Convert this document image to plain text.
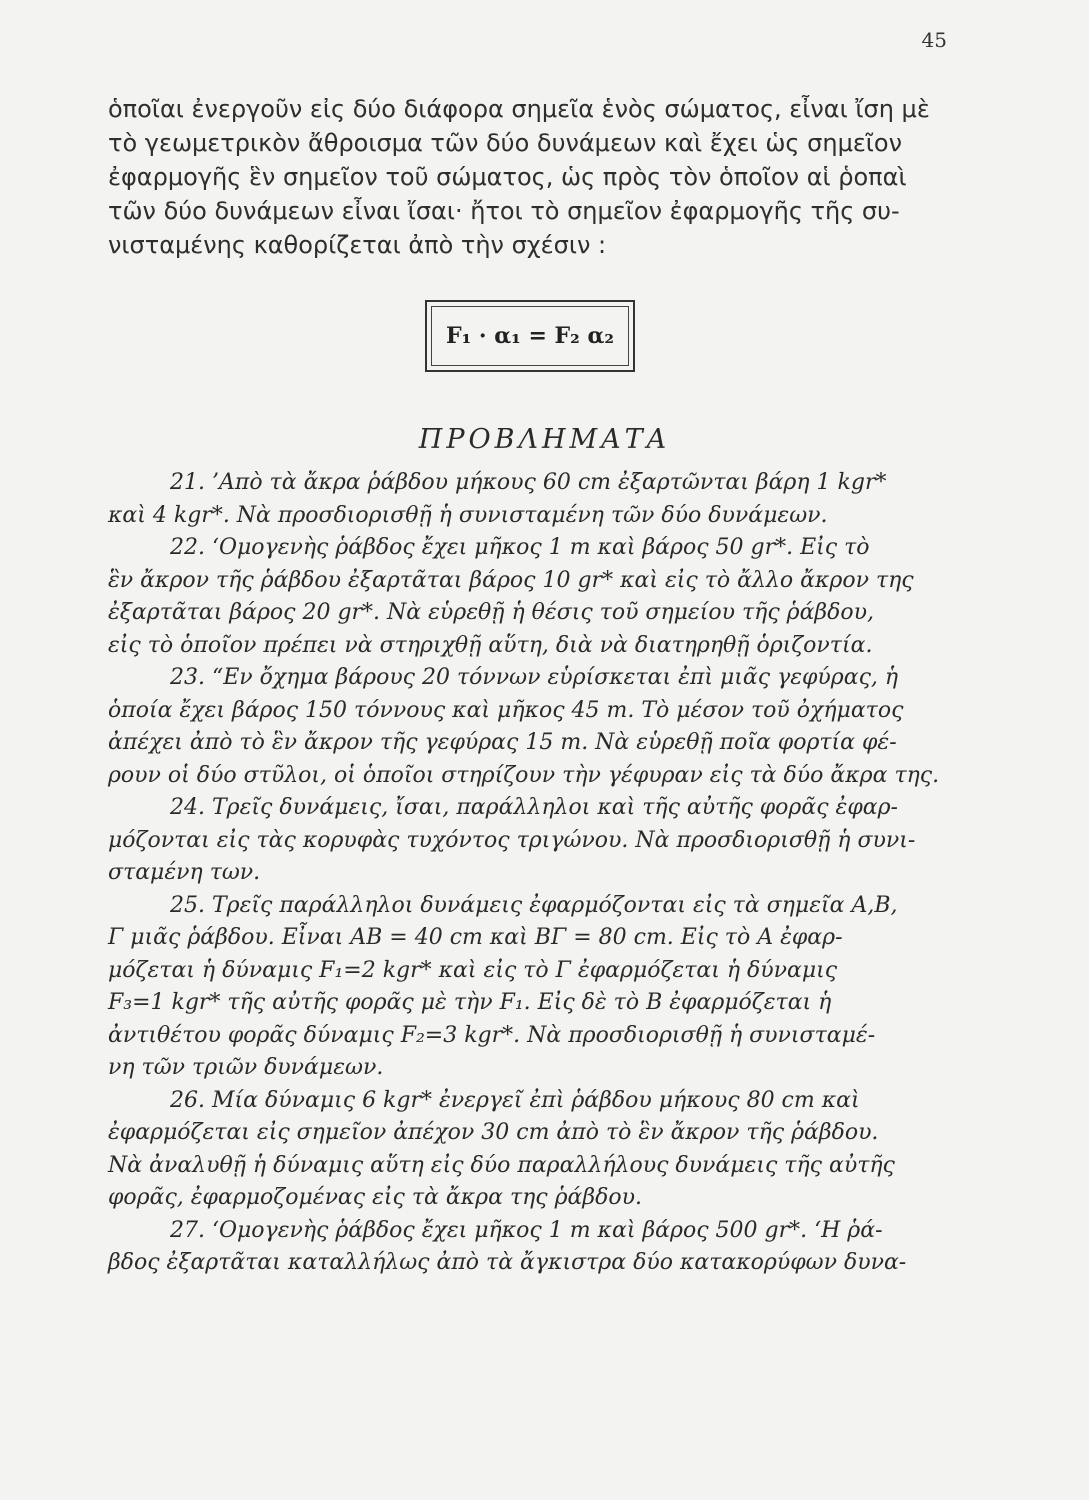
45

ὁποῖαι ἐνεργοῦν εἰς δύο διάφορα σημεῖα ἑνὸς σώματος, εἶναι ἴση μὲ

τὸ γεωμετρικὸν ἄθροισμα τῶν δύο δυνάμεων καὶ ἔχει ὡς σημεῖον

ἐφαρμογῆς ἓν σημεῖον τοῦ σώματος, ὡς πρὸς τὸν ὁποῖον αἱ ῥοπαὶ

τῶν δύο δυνάμεων εἶναι ἴσαι· ἤτοι τὸ σημεῖον ἐφαρμογῆς τῆς συ-

νισταμένης καθορίζεται ἀπὸ τὴν σχέσιν :

F₁ · α₁ = F₂ α₂
ΠΡΟΒΛΗΜΑΤΑ
21. ’Απὸ τὰ ἄκρα ῥάβδου μήκους 60 cm ἐξαρτῶνται βάρη 1 kgr*
καὶ 4 kgr*. Νὰ προσδιορισθῇ ἡ συνισταμένη τῶν δύο δυνάμεων.
22. ‘Ομογενὴς ῥάβδος ἔχει μῆκος 1 m καὶ βάρος 50 gr*. Εἰς τὸ
ἓν ἄκρον τῆς ῥάβδου ἐξαρτᾶται βάρος 10 gr* καὶ εἰς τὸ ἄλλο ἄκρον της
ἐξαρτᾶται βάρος 20 gr*. Νὰ εὑρεθῇ ἡ θέσις τοῦ σημείου τῆς ῥάβδου,
εἰς τὸ ὁποῖον πρέπει νὰ στηριχθῇ αὕτη, διὰ νὰ διατηρηθῇ ὁριζοντία.
23. “Εν ὄχημα βάρους 20 τόννων εὑρίσκεται ἐπὶ μιᾶς γεφύρας, ἡ
ὁποία ἔχει βάρος 150 τόννους καὶ μῆκος 45 m. Τὸ μέσον τοῦ ὀχήματος
ἀπέχει ἀπὸ τὸ ἓν ἄκρον τῆς γεφύρας 15 m. Νὰ εὑρεθῇ ποῖα φορτία φέ-
ρουν οἱ δύο στῦλοι, οἱ ὁποῖοι στηρίζουν τὴν γέφυραν εἰς τὰ δύο ἄκρα της.
24. Τρεῖς δυνάμεις, ἴσαι, παράλληλοι καὶ τῆς αὐτῆς φορᾶς ἐφαρ-
μόζονται εἰς τὰς κορυφὰς τυχόντος τριγώνου. Νὰ προσδιορισθῇ ἡ συνι-
σταμένη των.
25. Τρεῖς παράλληλοι δυνάμεις ἐφαρμόζονται εἰς τὰ σημεῖα Α,Β,
Γ μιᾶς ῥάβδου. Εἶναι ΑΒ = 40 cm καὶ ΒΓ = 80 cm. Εἰς τὸ Α ἐφαρ-
μόζεται ἡ δύναμις F₁=2 kgr* καὶ εἰς τὸ Γ ἐφαρμόζεται ἡ δύναμις
F₃=1 kgr* τῆς αὐτῆς φορᾶς μὲ τὴν F₁. Εἰς δὲ τὸ Β ἐφαρμόζεται ἡ
ἀντιθέτου φορᾶς δύναμις F₂=3 kgr*. Νὰ προσδιορισθῇ ἡ συνισταμέ-
νη τῶν τριῶν δυνάμεων.
26. Μία δύναμις 6 kgr* ἐνεργεῖ ἐπὶ ῥάβδου μήκους 80 cm καὶ
ἐφαρμόζεται εἰς σημεῖον ἀπέχον 30 cm ἀπὸ τὸ ἓν ἄκρον τῆς ῥάβδου.
Νὰ ἀναλυθῇ ἡ δύναμις αὕτη εἰς δύο παραλλήλους δυνάμεις τῆς αὐτῆς
φορᾶς, ἐφαρμοζομένας εἰς τὰ ἄκρα της ῥάβδου.
27. ‘Ομογενὴς ῥάβδος ἔχει μῆκος 1 m καὶ βάρος 500 gr*. ‘Η ῥά-
βδος ἐξαρτᾶται καταλλήλως ἀπὸ τὰ ἄγκιστρα δύο κατακορύφων δυνα-
